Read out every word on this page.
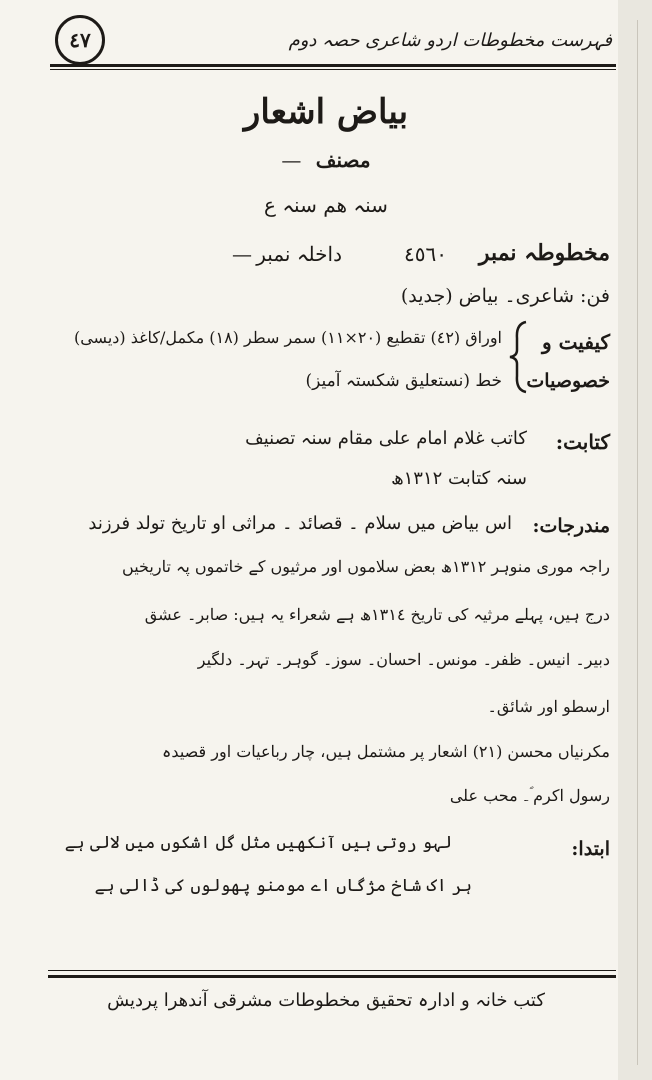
٤٧	فہرست مخطوطات اردو شاعری حصہ دوم
بیاض اشعار
مصنف —
سنہ ھم سنہ ع
مخطوطہ نمبر
٤٥٦٠
داخلہ نمبر
—
فن: شاعری۔ بیاض (جدید)
کیفیت و
خصوصیات
اوراق (٤٢) تقطیع (٢٠×١١) سمر سطر (١٨) مکمل/کاغذ (دیسی)
خط (نستعلیق شکستہ آمیز)
کتابت:
کاتب غلام امام علی مقام سنہ تصنیف
سنہ کتابت ١٣١٢ھ
مندرجات:
اس بیاض میں سلام ۔ قصائد ۔ مراثی او تاریخ تولد فرزند
راجہ موری منوہر ١٣١٢ھ بعض سلاموں اور مرثیوں کے خاتموں پہ تاریخیں
درج ہیں، پہلے مرثیہ کی تاریخ ١٣١٤ھ ہے شعراء یہ ہیں: صابر۔ عشق
دبیر۔ انیس۔ ظفر۔ مونس۔ احسان۔ سوز۔ گوہر۔ تہر۔ دلگیر
ارسطو اور شائق۔
مکرنیاں محسن (٢١) اشعار پر مشتمل ہیں، چار رباعیات اور قصیدہ
رسول اکرم ؐ۔ محب علی
ابتدا:
لہو روتی ہیں آنکھیں مثل گل اشکوں میں لالی ہے
ہر اک شاخ مژگاں اے مومنو پھولوں کی ڈالی ہے
کتب خانہ و ادارہ تحقیق مخطوطات مشرقی آندھرا پردیش
